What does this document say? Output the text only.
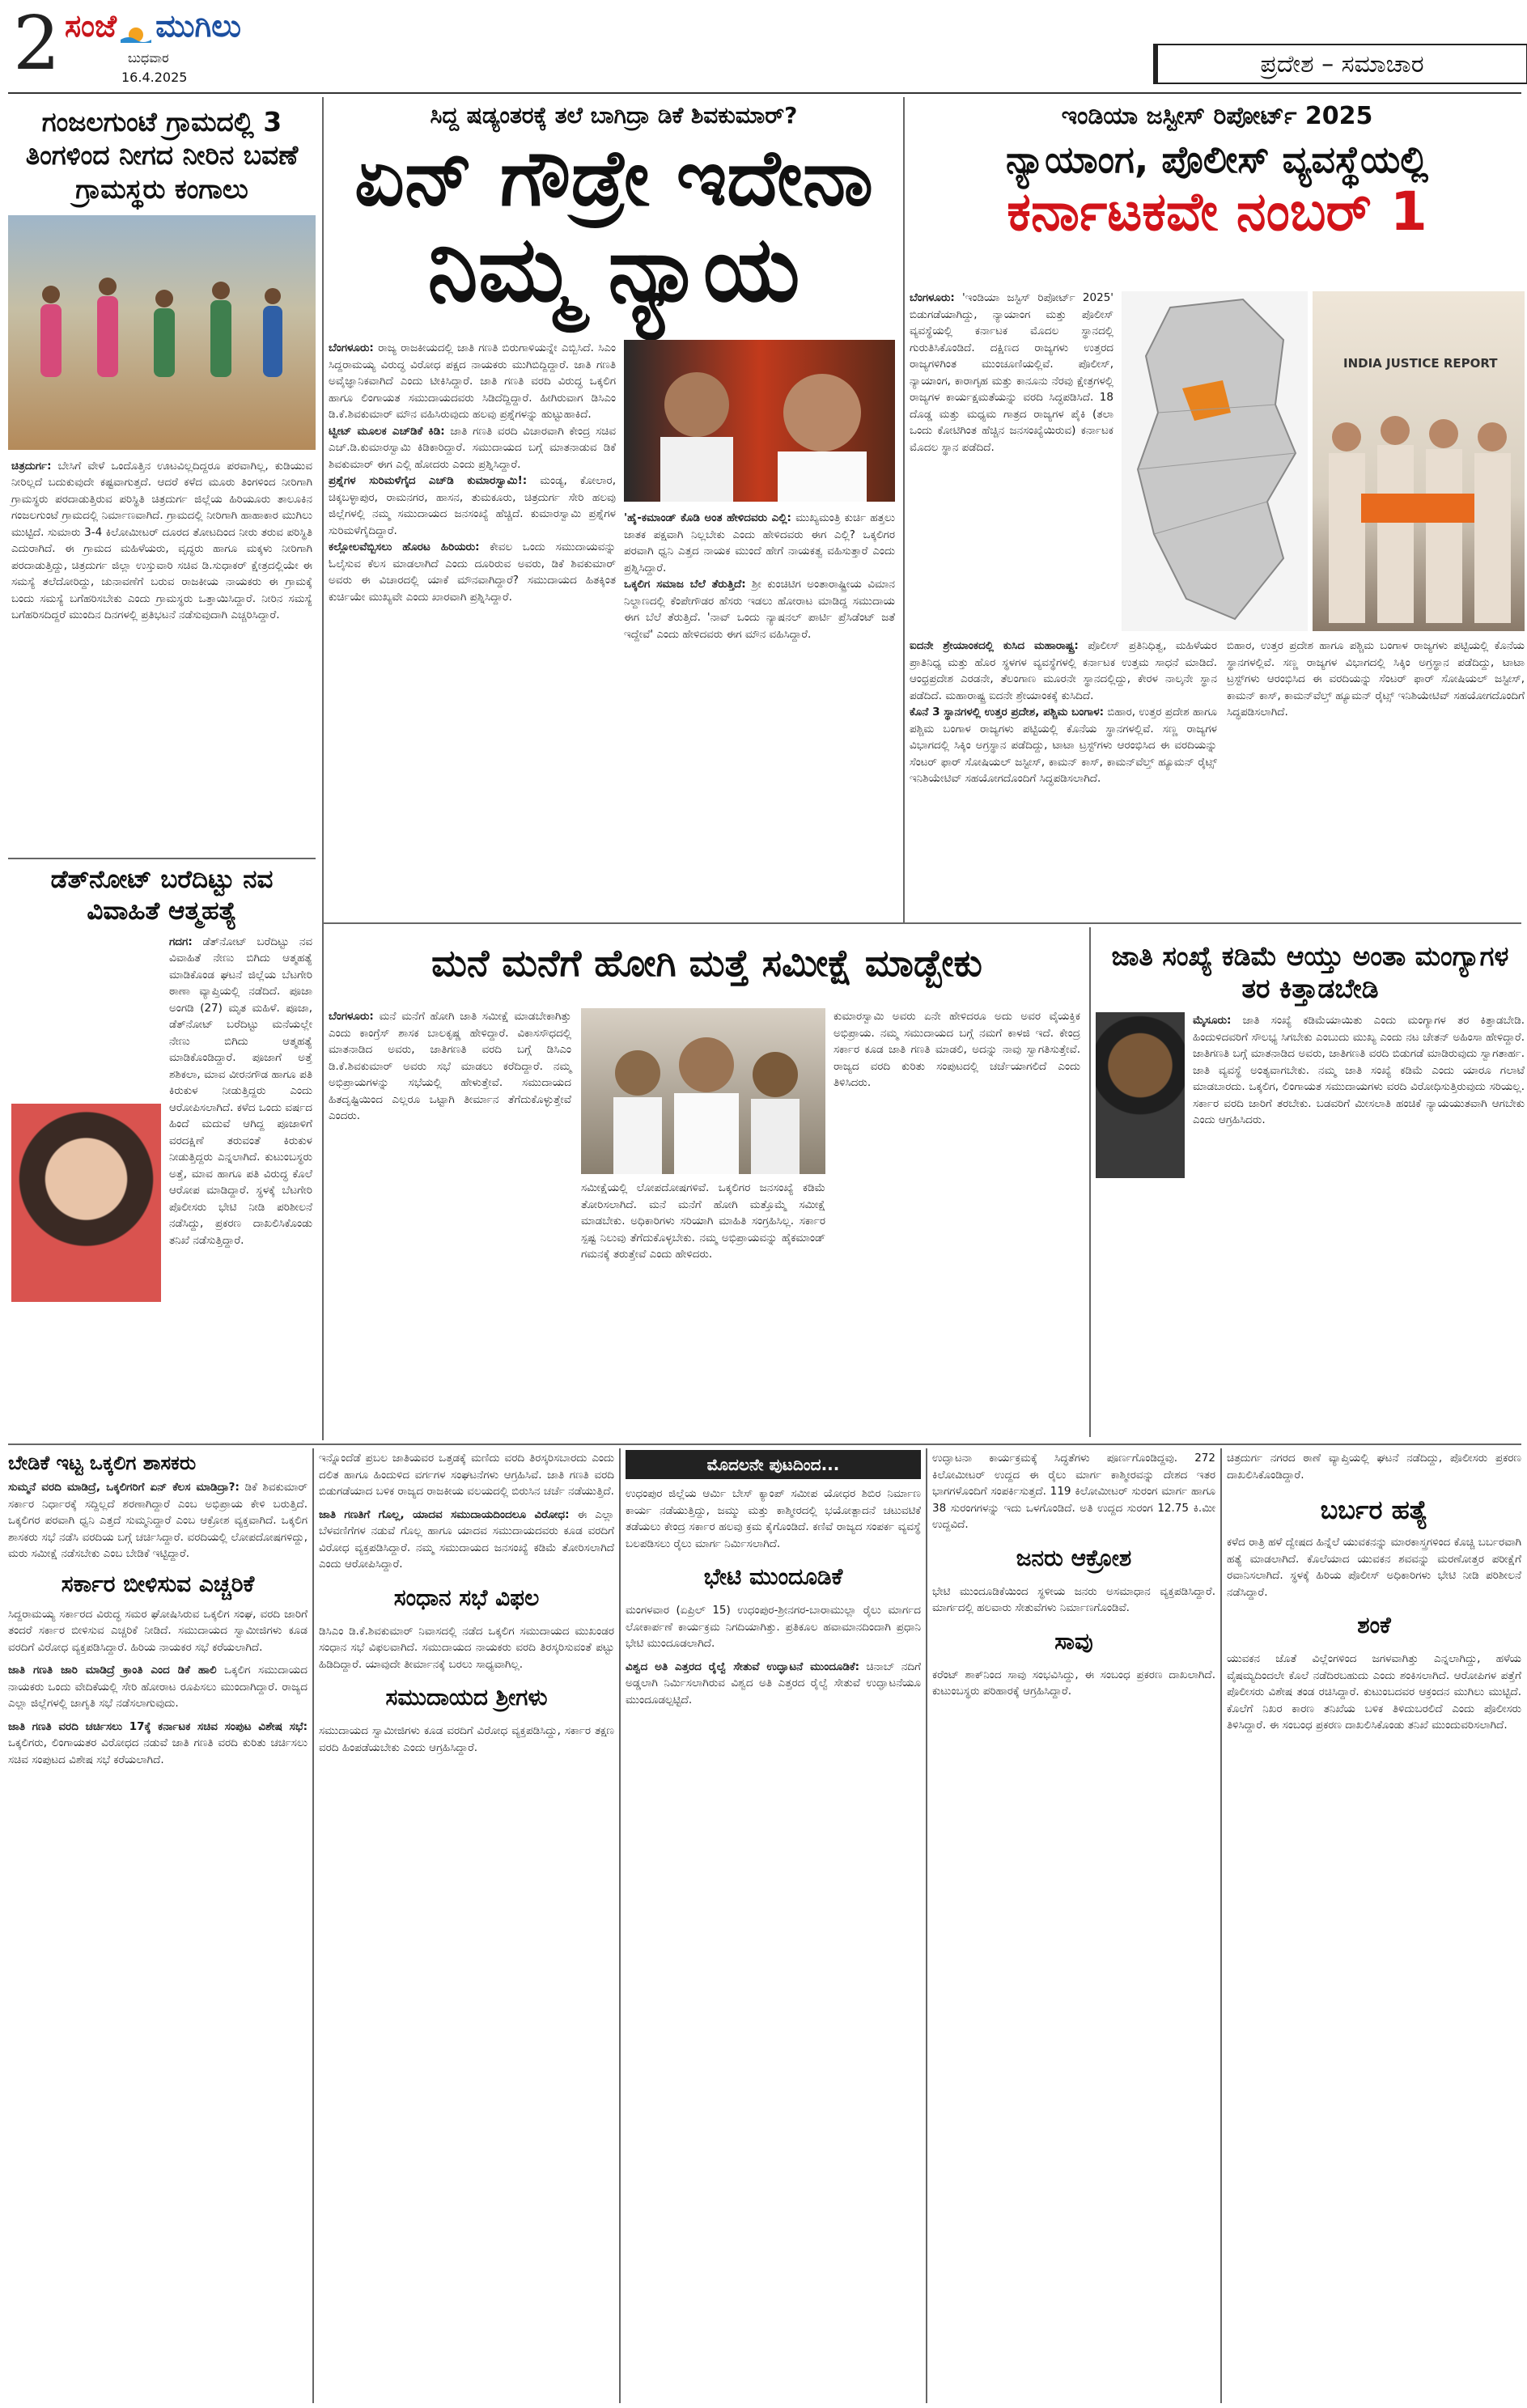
2 ಸಂಜೆ ಮುಗಿಲು
ಬುಧವಾರ
16.4.2025	ಪ್ರದೇಶ – ಸಮಾಚಾರ
ಗಂಜಲಗುಂಟೆ ಗ್ರಾಮದಲ್ಲಿ 3 ತಿಂಗಳಿಂದ ನೀಗದ ನೀರಿನ ಬವಣೆ ಗ್ರಾಮಸ್ಥರು ಕಂಗಾಲು
ಚಿತ್ರದುರ್ಗ: ಬೇಸಿಗೆ ವೇಳೆ ಒಂದೊತ್ತಿನ ಊಟವಿಲ್ಲದಿದ್ದರೂ ಪರವಾಗಿಲ್ಲ, ಕುಡಿಯುವ ನೀರಿಲ್ಲದೆ ಬದುಕುವುದೇ ಕಷ್ಟವಾಗುತ್ತದೆ. ಆದರೆ ಕಳೆದ ಮೂರು ತಿಂಗಳಿಂದ ನೀರಿಗಾಗಿ ಗ್ರಾಮಸ್ಥರು ಪರದಾಡುತ್ತಿರುವ ಪರಿಸ್ಥಿತಿ ಚಿತ್ರದುರ್ಗ ಜಿಲ್ಲೆಯ ಹಿರಿಯೂರು ತಾಲೂಕಿನ ಗಂಜಲಗುಂಟೆ ಗ್ರಾಮದಲ್ಲಿ ನಿರ್ಮಾಣವಾಗಿದೆ. ಗ್ರಾಮದಲ್ಲಿ ನೀರಿಗಾಗಿ ಹಾಹಾಕಾರ ಮುಗಿಲು ಮುಟ್ಟಿದೆ. ಸುಮಾರು 3-4 ಕಿಲೋಮೀಟರ್ ದೂರದ ತೋಟದಿಂದ ನೀರು ತರುವ ಪರಿಸ್ಥಿತಿ ಎದುರಾಗಿದೆ. ಈ ಗ್ರಾಮದ ಮಹಿಳೆಯರು, ವೃದ್ಧರು ಹಾಗೂ ಮಕ್ಕಳು ನೀರಿಗಾಗಿ ಪರದಾಡುತ್ತಿದ್ದು, ಚಿತ್ರದುರ್ಗ ಜಿಲ್ಲಾ ಉಸ್ತುವಾರಿ ಸಚಿವ ಡಿ.ಸುಧಾಕರ್ ಕ್ಷೇತ್ರದಲ್ಲಿಯೇ ಈ ಸಮಸ್ಯೆ ತಲೆದೋರಿದ್ದು, ಚುನಾವಣೆಗೆ ಬರುವ ರಾಜಕೀಯ ನಾಯಕರು ಈ ಗ್ರಾಮಕ್ಕೆ ಬಂದು ಸಮಸ್ಯೆ ಬಗೆಹರಿಸಬೇಕು ಎಂದು ಗ್ರಾಮಸ್ಥರು ಒತ್ತಾಯಿಸಿದ್ದಾರೆ. ನೀರಿನ ಸಮಸ್ಯೆ ಬಗೆಹರಿಸದಿದ್ದರೆ ಮುಂದಿನ ದಿನಗಳಲ್ಲಿ ಪ್ರತಿಭಟನೆ ನಡೆಸುವುದಾಗಿ ಎಚ್ಚರಿಸಿದ್ದಾರೆ.
ಡೆತ್‌ನೋಟ್ ಬರೆದಿಟ್ಟು ನವ ವಿವಾಹಿತೆ ಆತ್ಮಹತ್ಯೆ
ಗದಗ: ಡೆತ್‌ನೋಟ್ ಬರೆದಿಟ್ಟು ನವ ವಿವಾಹಿತೆ ನೇಣು ಬಿಗಿದು ಆತ್ಮಹತ್ಯೆ ಮಾಡಿಕೊಂಡ ಘಟನೆ ಜಿಲ್ಲೆಯ ಬೆಟಗೇರಿ ಠಾಣಾ ವ್ಯಾಪ್ತಿಯಲ್ಲಿ ನಡೆದಿದೆ. ಪೂಜಾ ಅಂಗಡಿ (27) ಮೃತ ಮಹಿಳೆ. ಪೂಜಾ, ಡೆತ್‌ನೋಟ್ ಬರೆದಿಟ್ಟು ಮನೆಯಲ್ಲೇ ನೇಣು ಬಿಗಿದು ಆತ್ಮಹತ್ಯೆ ಮಾಡಿಕೊಂಡಿದ್ದಾರೆ. ಪೂಜಾಗೆ ಅತ್ತೆ ಶಶಿಕಲಾ, ಮಾವ ವೀರನಗೌಡ ಹಾಗೂ ಪತಿ ಕಿರುಕುಳ ನೀಡುತ್ತಿದ್ದರು ಎಂದು ಆರೋಪಿಸಲಾಗಿದೆ. ಕಳೆದ ಒಂದು ವರ್ಷದ ಹಿಂದೆ ಮದುವೆ ಆಗಿದ್ದ ಪೂಜಾಳಿಗೆ ವರದಕ್ಷಿಣೆ ತರುವಂತೆ ಕಿರುಕುಳ ನೀಡುತ್ತಿದ್ದರು ಎನ್ನಲಾಗಿದೆ. ಕುಟುಂಬಸ್ಥರು ಅತ್ತೆ, ಮಾವ ಹಾಗೂ ಪತಿ ವಿರುದ್ಧ ಕೊಲೆ ಆರೋಪ ಮಾಡಿದ್ದಾರೆ. ಸ್ಥಳಕ್ಕೆ ಬೆಟಗೇರಿ ಪೊಲೀಸರು ಭೇಟಿ ನೀಡಿ ಪರಿಶೀಲನೆ ನಡೆಸಿದ್ದು, ಪ್ರಕರಣ ದಾಖಲಿಸಿಕೊಂಡು ತನಿಖೆ ನಡೆಸುತ್ತಿದ್ದಾರೆ.
ಸಿದ್ದ ಷಡ್ಯಂತರಕ್ಕೆ ತಲೆ ಬಾಗಿದ್ರಾ ಡಿಕೆ ಶಿವಕುಮಾರ್?
ಏನ್ ಗೌಡ್ರೇ ಇದೇನಾ
ನಿಮ್ಮ ನ್ಯಾಯ
ಬೆಂಗಳೂರು: ರಾಜ್ಯ ರಾಜಕೀಯದಲ್ಲಿ ಜಾತಿ ಗಣತಿ ಬಿರುಗಾಳಿಯನ್ನೇ ಎಬ್ಬಿಸಿದೆ. ಸಿಎಂ ಸಿದ್ದರಾಮಯ್ಯ ವಿರುದ್ಧ ವಿರೋಧ ಪಕ್ಷದ ನಾಯಕರು ಮುಗಿಬಿದ್ದಿದ್ದಾರೆ. ಜಾತಿ ಗಣತಿ ಅವೈಜ್ಞಾನಿಕವಾಗಿದೆ ಎಂದು ಟೀಕಿಸಿದ್ದಾರೆ. ಜಾತಿ ಗಣತಿ ವರದಿ ವಿರುದ್ಧ ಒಕ್ಕಲಿಗ ಹಾಗೂ ಲಿಂಗಾಯತ ಸಮುದಾಯದವರು ಸಿಡಿದೆದ್ದಿದ್ದಾರೆ. ಹೀಗಿರುವಾಗ ಡಿಸಿಎಂ ಡಿ.ಕೆ.ಶಿವಕುಮಾರ್ ಮೌನ ವಹಿಸಿರುವುದು ಹಲವು ಪ್ರಶ್ನೆಗಳನ್ನು ಹುಟ್ಟುಹಾಕಿದೆ.
ಟ್ವೀಟ್ ಮೂಲಕ ಎಚ್‌ಡಿಕೆ ಕಿಡಿ: ಜಾತಿ ಗಣತಿ ವರದಿ ವಿಚಾರವಾಗಿ ಕೇಂದ್ರ ಸಚಿವ ಎಚ್.ಡಿ.ಕುಮಾರಸ್ವಾಮಿ ಕಿಡಿಕಾರಿದ್ದಾರೆ. ಸಮುದಾಯದ ಬಗ್ಗೆ ಮಾತನಾಡುವ ಡಿಕೆ ಶಿವಕುಮಾರ್ ಈಗ ಎಲ್ಲಿ ಹೋದರು ಎಂದು ಪ್ರಶ್ನಿಸಿದ್ದಾರೆ.
ಪ್ರಶ್ನೆಗಳ ಸುರಿಮಳೆಗೈದ ಎಚ್‌ಡಿ ಕುಮಾರಸ್ವಾಮಿ!: ಮಂಡ್ಯ, ಕೋಲಾರ, ಚಿಕ್ಕಬಳ್ಳಾಪುರ, ರಾಮನಗರ, ಹಾಸನ, ತುಮಕೂರು, ಚಿತ್ರದುರ್ಗ ಸೇರಿ ಹಲವು ಜಿಲ್ಲೆಗಳಲ್ಲಿ ನಮ್ಮ ಸಮುದಾಯದ ಜನಸಂಖ್ಯೆ ಹೆಚ್ಚಿದೆ. ಕುಮಾರಸ್ವಾಮಿ ಪ್ರಶ್ನೆಗಳ ಸುರಿಮಳೆಗೈದಿದ್ದಾರೆ.
ಕಲ್ಲೋಲವೆಬ್ಬಿಸಲು ಹೊರಟ ಹಿರಿಯರು: ಕೇವಲ ಒಂದು ಸಮುದಾಯವನ್ನು ಓಲೈಸುವ ಕೆಲಸ ಮಾಡಲಾಗಿದೆ ಎಂದು ದೂರಿರುವ ಅವರು, ಡಿಕೆ ಶಿವಕುಮಾರ್ ಅವರು ಈ ವಿಚಾರದಲ್ಲಿ ಯಾಕೆ ಮೌನವಾಗಿದ್ದಾರೆ? ಸಮುದಾಯದ ಹಿತಕ್ಕಿಂತ ಕುರ್ಚಿಯೇ ಮುಖ್ಯವೇ ಎಂದು ಖಾರವಾಗಿ ಪ್ರಶ್ನಿಸಿದ್ದಾರೆ.
'ಹೈ-ಕಮಾಂಡ್ ಕೊಡಿ ಅಂತ ಹೇಳಿದವರು ಎಲ್ಲಿ: ಮುಖ್ಯಮಂತ್ರಿ ಕುರ್ಚಿ ಹತ್ತಲು ಜಾತಕ ಪಕ್ಷವಾಗಿ ನಿಲ್ಲಬೇಕು ಎಂದು ಹೇಳಿದವರು ಈಗ ಎಲ್ಲಿ? ಒಕ್ಕಲಿಗರ ಪರವಾಗಿ ಧ್ವನಿ ಎತ್ತದ ನಾಯಕ ಮುಂದೆ ಹೇಗೆ ನಾಯಕತ್ವ ವಹಿಸುತ್ತಾರೆ ಎಂದು ಪ್ರಶ್ನಿಸಿದ್ದಾರೆ.
ಒಕ್ಕಲಿಗ ಸಮಾಜ ಬೆಲೆ ತೆರುತ್ತಿದೆ: ಶ್ರೀ ಕುಂಚಿಟಿಗ ಅಂತಾರಾಷ್ಟ್ರೀಯ ವಿಮಾನ ನಿಲ್ದಾಣದಲ್ಲಿ ಕೆಂಪೇಗೌಡರ ಹೆಸರು ಇಡಲು ಹೋರಾಟ ಮಾಡಿದ್ದ ಸಮುದಾಯ ಈಗ ಬೆಲೆ ತೆರುತ್ತಿದೆ. 'ನಾವ್ ಒಂದು ನ್ಯಾಷನಲ್ ಪಾರ್ಟಿ ಪ್ರೆಸಿಡೆಂಟ್ ಜತೆ ಇದ್ದೇವೆ' ಎಂದು ಹೇಳಿದವರು ಈಗ ಮೌನ ವಹಿಸಿದ್ದಾರೆ.
ಇಂಡಿಯಾ ಜಸ್ಟೀಸ್ ರಿಪೋರ್ಟ್ 2025
ನ್ಯಾಯಾಂಗ, ಪೊಲೀಸ್ ವ್ಯವಸ್ಥೆಯಲ್ಲಿ
ಕರ್ನಾಟಕವೇ ನಂಬರ್ 1
ಬೆಂಗಳೂರು: 'ಇಂಡಿಯಾ ಜಸ್ಟಿಸ್ ರಿಪೋರ್ಟ್ 2025' ಬಿಡುಗಡೆಯಾಗಿದ್ದು, ನ್ಯಾಯಾಂಗ ಮತ್ತು ಪೊಲೀಸ್ ವ್ಯವಸ್ಥೆಯಲ್ಲಿ ಕರ್ನಾಟಕ ಮೊದಲ ಸ್ಥಾನದಲ್ಲಿ ಗುರುತಿಸಿಕೊಂಡಿದೆ. ದಕ್ಷಿಣದ ರಾಜ್ಯಗಳು ಉತ್ತರದ ರಾಜ್ಯಗಳಿಗಿಂತ ಮುಂಚೂಣಿಯಲ್ಲಿವೆ. ಪೊಲೀಸ್, ನ್ಯಾಯಾಂಗ, ಕಾರಾಗೃಹ ಮತ್ತು ಕಾನೂನು ನೆರವು ಕ್ಷೇತ್ರಗಳಲ್ಲಿ ರಾಜ್ಯಗಳ ಕಾರ್ಯಕ್ಷಮತೆಯನ್ನು ವರದಿ ಸಿದ್ಧಪಡಿಸಿದೆ. 18 ದೊಡ್ಡ ಮತ್ತು ಮಧ್ಯಮ ಗಾತ್ರದ ರಾಜ್ಯಗಳ ಪೈಕಿ (ತಲಾ ಒಂದು ಕೋಟಿಗಿಂತ ಹೆಚ್ಚಿನ ಜನಸಂಖ್ಯೆಯಿರುವ) ಕರ್ನಾಟಕ ಮೊದಲ ಸ್ಥಾನ ಪಡೆದಿದೆ.
INDIA JUSTICE REPORT
ಐದನೇ ಶ್ರೇಯಾಂಕದಲ್ಲಿ ಕುಸಿದ ಮಹಾರಾಷ್ಟ್ರ: ಪೊಲೀಸ್ ಪ್ರತಿನಿಧಿತ್ವ, ಮಹಿಳೆಯರ ಪ್ರಾತಿನಿಧ್ಯ ಮತ್ತು ಹೊರ ಸ್ಥಳಗಳ ವ್ಯವಸ್ಥೆಗಳಲ್ಲಿ ಕರ್ನಾಟಕ ಉತ್ತಮ ಸಾಧನೆ ಮಾಡಿದೆ. ಆಂಧ್ರಪ್ರದೇಶ ಎರಡನೇ, ತೆಲಂಗಾಣ ಮೂರನೇ ಸ್ಥಾನದಲ್ಲಿದ್ದು, ಕೇರಳ ನಾಲ್ಕನೇ ಸ್ಥಾನ ಪಡೆದಿದೆ. ಮಹಾರಾಷ್ಟ್ರ ಐದನೇ ಶ್ರೇಯಾಂಕಕ್ಕೆ ಕುಸಿದಿದೆ.
ಕೊನೆ 3 ಸ್ಥಾನಗಳಲ್ಲಿ ಉತ್ತರ ಪ್ರದೇಶ, ಪಶ್ಚಿಮ ಬಂಗಾಳ: ಬಿಹಾರ, ಉತ್ತರ ಪ್ರದೇಶ ಹಾಗೂ ಪಶ್ಚಿಮ ಬಂಗಾಳ ರಾಜ್ಯಗಳು ಪಟ್ಟಿಯಲ್ಲಿ ಕೊನೆಯ ಸ್ಥಾನಗಳಲ್ಲಿವೆ. ಸಣ್ಣ ರಾಜ್ಯಗಳ ವಿಭಾಗದಲ್ಲಿ ಸಿಕ್ಕಿಂ ಅಗ್ರಸ್ಥಾನ ಪಡೆದಿದ್ದು, ಟಾಟಾ ಟ್ರಸ್ಟ್‌ಗಳು ಆರಂಭಿಸಿದ ಈ ವರದಿಯನ್ನು ಸೆಂಟರ್ ಫಾರ್ ಸೋಷಿಯಲ್ ಜಸ್ಟೀಸ್, ಕಾಮನ್ ಕಾಸ್, ಕಾಮನ್‌ವೆಲ್ತ್ ಹ್ಯೂಮನ್ ರೈಟ್ಸ್ ಇನಿಶಿಯೇಟಿವ್ ಸಹಯೋಗದೊಂದಿಗೆ ಸಿದ್ಧಪಡಿಸಲಾಗಿದೆ.
ಬಿಹಾರ, ಉತ್ತರ ಪ್ರದೇಶ ಹಾಗೂ ಪಶ್ಚಿಮ ಬಂಗಾಳ ರಾಜ್ಯಗಳು ಪಟ್ಟಿಯಲ್ಲಿ ಕೊನೆಯ ಸ್ಥಾನಗಳಲ್ಲಿವೆ. ಸಣ್ಣ ರಾಜ್ಯಗಳ ವಿಭಾಗದಲ್ಲಿ ಸಿಕ್ಕಿಂ ಅಗ್ರಸ್ಥಾನ ಪಡೆದಿದ್ದು, ಟಾಟಾ ಟ್ರಸ್ಟ್‌ಗಳು ಆರಂಭಿಸಿದ ಈ ವರದಿಯನ್ನು ಸೆಂಟರ್ ಫಾರ್ ಸೋಷಿಯಲ್ ಜಸ್ಟೀಸ್, ಕಾಮನ್ ಕಾಸ್, ಕಾಮನ್‌ವೆಲ್ತ್ ಹ್ಯೂಮನ್ ರೈಟ್ಸ್ ಇನಿಶಿಯೇಟಿವ್ ಸಹಯೋಗದೊಂದಿಗೆ ಸಿದ್ಧಪಡಿಸಲಾಗಿದೆ.
ಮನೆ ಮನೆಗೆ ಹೋಗಿ ಮತ್ತೆ ಸಮೀಕ್ಷೆ ಮಾಡ್ಬೇಕು
ಬೆಂಗಳೂರು: ಮನೆ ಮನೆಗೆ ಹೋಗಿ ಜಾತಿ ಸಮೀಕ್ಷೆ ಮಾಡಬೇಕಾಗಿತ್ತು ಎಂದು ಕಾಂಗ್ರೆಸ್ ಶಾಸಕ ಬಾಲಕೃಷ್ಣ ಹೇಳಿದ್ದಾರೆ. ವಿಕಾಸಸೌಧದಲ್ಲಿ ಮಾತನಾಡಿದ ಅವರು, ಜಾತಿಗಣತಿ ವರದಿ ಬಗ್ಗೆ ಡಿಸಿಎಂ ಡಿ.ಕೆ.ಶಿವಕುಮಾರ್ ಅವರು ಸಭೆ ಮಾಡಲು ಕರೆದಿದ್ದಾರೆ. ನಮ್ಮ ಅಭಿಪ್ರಾಯಗಳನ್ನು ಸಭೆಯಲ್ಲಿ ಹೇಳುತ್ತೇವೆ. ಸಮುದಾಯದ ಹಿತದೃಷ್ಟಿಯಿಂದ ಎಲ್ಲರೂ ಒಟ್ಟಾಗಿ ತೀರ್ಮಾನ ತೆಗೆದುಕೊಳ್ಳುತ್ತೇವೆ ಎಂದರು.
ಸಮೀಕ್ಷೆಯಲ್ಲಿ ಲೋಪದೋಷಗಳಿವೆ. ಒಕ್ಕಲಿಗರ ಜನಸಂಖ್ಯೆ ಕಡಿಮೆ ತೋರಿಸಲಾಗಿದೆ. ಮನೆ ಮನೆಗೆ ಹೋಗಿ ಮತ್ತೊಮ್ಮೆ ಸಮೀಕ್ಷೆ ಮಾಡಬೇಕು. ಅಧಿಕಾರಿಗಳು ಸರಿಯಾಗಿ ಮಾಹಿತಿ ಸಂಗ್ರಹಿಸಿಲ್ಲ. ಸರ್ಕಾರ ಸ್ಪಷ್ಟ ನಿಲುವು ತೆಗೆದುಕೊಳ್ಳಬೇಕು. ನಮ್ಮ ಅಭಿಪ್ರಾಯವನ್ನು ಹೈಕಮಾಂಡ್ ಗಮನಕ್ಕೆ ತರುತ್ತೇವೆ ಎಂದು ಹೇಳಿದರು.
ಕುಮಾರಸ್ವಾಮಿ ಅವರು ಏನೇ ಹೇಳಿದರೂ ಅದು ಅವರ ವೈಯಕ್ತಿಕ ಅಭಿಪ್ರಾಯ. ನಮ್ಮ ಸಮುದಾಯದ ಬಗ್ಗೆ ನಮಗೆ ಕಾಳಜಿ ಇದೆ. ಕೇಂದ್ರ ಸರ್ಕಾರ ಕೂಡ ಜಾತಿ ಗಣತಿ ಮಾಡಲಿ, ಅದನ್ನು ನಾವು ಸ್ವಾಗತಿಸುತ್ತೇವೆ. ರಾಜ್ಯದ ವರದಿ ಕುರಿತು ಸಂಪುಟದಲ್ಲಿ ಚರ್ಚೆಯಾಗಲಿದೆ ಎಂದು ತಿಳಿಸಿದರು.
ಜಾತಿ ಸಂಖ್ಯೆ ಕಡಿಮೆ ಆಯ್ತು ಅಂತಾ ಮಂಗ್ಯಾಗಳ ತರ ಕಿತ್ತಾಡಬೇಡಿ
ಮೈಸೂರು: ಜಾತಿ ಸಂಖ್ಯೆ ಕಡಿಮೆಯಾಯಿತು ಎಂದು ಮಂಗ್ಯಾಗಳ ತರ ಕಿತ್ತಾಡಬೇಡಿ. ಹಿಂದುಳಿದವರಿಗೆ ಸೌಲಭ್ಯ ಸಿಗಬೇಕು ಎಂಬುದು ಮುಖ್ಯ ಎಂದು ನಟ ಚೇತನ್ ಅಹಿಂಸಾ ಹೇಳಿದ್ದಾರೆ. ಜಾತಿಗಣತಿ ಬಗ್ಗೆ ಮಾತನಾಡಿದ ಅವರು, ಜಾತಿಗಣತಿ ವರದಿ ಬಿಡುಗಡೆ ಮಾಡಿರುವುದು ಸ್ವಾಗತಾರ್ಹ. ಜಾತಿ ವ್ಯವಸ್ಥೆ ಅಂತ್ಯವಾಗಬೇಕು. ನಮ್ಮ ಜಾತಿ ಸಂಖ್ಯೆ ಕಡಿಮೆ ಎಂದು ಯಾರೂ ಗಲಾಟೆ ಮಾಡಬಾರದು. ಒಕ್ಕಲಿಗ, ಲಿಂಗಾಯತ ಸಮುದಾಯಗಳು ವರದಿ ವಿರೋಧಿಸುತ್ತಿರುವುದು ಸರಿಯಲ್ಲ. ಸರ್ಕಾರ ವರದಿ ಜಾರಿಗೆ ತರಬೇಕು. ಬಡವರಿಗೆ ಮೀಸಲಾತಿ ಹಂಚಿಕೆ ನ್ಯಾಯಯುತವಾಗಿ ಆಗಬೇಕು ಎಂದು ಆಗ್ರಹಿಸಿದರು.
ಬೇಡಿಕೆ ಇಟ್ಟ ಒಕ್ಕಲಿಗ ಶಾಸಕರು
ಸುಮ್ಮನೆ ವರದಿ ಮಾಡಿದ್ರೆ, ಒಕ್ಕಲಿಗರಿಗೆ ಏನ್ ಕೆಲಸ ಮಾಡಿದ್ರಾ?: ಡಿಕೆ ಶಿವಕುಮಾರ್ ಸರ್ಕಾರ ನಿರ್ಧಾರಕ್ಕೆ ಸದ್ದಿಲ್ಲದೆ ಶರಣಾಗಿದ್ದಾರೆ ಎಂಬ ಅಭಿಪ್ರಾಯ ಕೇಳಿ ಬರುತ್ತಿದೆ. ಒಕ್ಕಲಿಗರ ಪರವಾಗಿ ಧ್ವನಿ ಎತ್ತದೆ ಸುಮ್ಮನಿದ್ದಾರೆ ಎಂಬ ಆಕ್ರೋಶ ವ್ಯಕ್ತವಾಗಿದೆ. ಒಕ್ಕಲಿಗ ಶಾಸಕರು ಸಭೆ ನಡೆಸಿ ವರದಿಯ ಬಗ್ಗೆ ಚರ್ಚಿಸಿದ್ದಾರೆ. ವರದಿಯಲ್ಲಿ ಲೋಪದೋಷಗಳಿದ್ದು, ಮರು ಸಮೀಕ್ಷೆ ನಡೆಸಬೇಕು ಎಂಬ ಬೇಡಿಕೆ ಇಟ್ಟಿದ್ದಾರೆ.
ಸರ್ಕಾರ ಬೀಳಿಸುವ ಎಚ್ಚರಿಕೆ
ಸಿದ್ದರಾಮಯ್ಯ ಸರ್ಕಾರದ ವಿರುದ್ಧ ಸಮರ ಘೋಷಿಸಿರುವ ಒಕ್ಕಲಿಗ ಸಂಘ, ವರದಿ ಜಾರಿಗೆ ತಂದರೆ ಸರ್ಕಾರ ಬೀಳಿಸುವ ಎಚ್ಚರಿಕೆ ನೀಡಿದೆ. ಸಮುದಾಯದ ಸ್ವಾಮೀಜಿಗಳು ಕೂಡ ವರದಿಗೆ ವಿರೋಧ ವ್ಯಕ್ತಪಡಿಸಿದ್ದಾರೆ. ಹಿರಿಯ ನಾಯಕರ ಸಭೆ ಕರೆಯಲಾಗಿದೆ.
ಜಾತಿ ಗಣತಿ ಜಾರಿ ಮಾಡಿದ್ರೆ ಕ್ರಾಂತಿ ಎಂದ ಡಿಕೆ ಹಾಲಿ ಒಕ್ಕಲಿಗ ಸಮುದಾಯದ ನಾಯಕರು ಒಂದು ವೇದಿಕೆಯಲ್ಲಿ ಸೇರಿ ಹೋರಾಟ ರೂಪಿಸಲು ಮುಂದಾಗಿದ್ದಾರೆ. ರಾಜ್ಯದ ಎಲ್ಲಾ ಜಿಲ್ಲೆಗಳಲ್ಲಿ ಜಾಗೃತಿ ಸಭೆ ನಡೆಸಲಾಗುವುದು.
ಜಾತಿ ಗಣತಿ ವರದಿ ಚರ್ಚಿಸಲು 17ಕ್ಕೆ ಕರ್ನಾಟಕ ಸಚಿವ ಸಂಪುಟ ವಿಶೇಷ ಸಭೆ: ಒಕ್ಕಲಿಗರು, ಲಿಂಗಾಯತರ ವಿರೋಧದ ನಡುವೆ ಜಾತಿ ಗಣತಿ ವರದಿ ಕುರಿತು ಚರ್ಚಿಸಲು ಸಚಿವ ಸಂಪುಟದ ವಿಶೇಷ ಸಭೆ ಕರೆಯಲಾಗಿದೆ.
ಇನ್ನೊಂದೆಡೆ ಪ್ರಬಲ ಜಾತಿಯವರ ಒತ್ತಡಕ್ಕೆ ಮಣಿದು ವರದಿ ತಿರಸ್ಕರಿಸಬಾರದು ಎಂದು ದಲಿತ ಹಾಗೂ ಹಿಂದುಳಿದ ವರ್ಗಗಳ ಸಂಘಟನೆಗಳು ಆಗ್ರಹಿಸಿವೆ. ಜಾತಿ ಗಣತಿ ವರದಿ ಬಿಡುಗಡೆಯಾದ ಬಳಿಕ ರಾಜ್ಯದ ರಾಜಕೀಯ ವಲಯದಲ್ಲಿ ಬಿರುಸಿನ ಚರ್ಚೆ ನಡೆಯುತ್ತಿದೆ.
ಜಾತಿ ಗಣತಿಗೆ ಗೊಲ್ಲ, ಯಾದವ ಸಮುದಾಯದಿಂದಲೂ ವಿರೋಧ: ಈ ಎಲ್ಲಾ ಬೆಳವಣಿಗೆಗಳ ನಡುವೆ ಗೊಲ್ಲ ಹಾಗೂ ಯಾದವ ಸಮುದಾಯದವರು ಕೂಡ ವರದಿಗೆ ವಿರೋಧ ವ್ಯಕ್ತಪಡಿಸಿದ್ದಾರೆ. ನಮ್ಮ ಸಮುದಾಯದ ಜನಸಂಖ್ಯೆ ಕಡಿಮೆ ತೋರಿಸಲಾಗಿದೆ ಎಂದು ಆರೋಪಿಸಿದ್ದಾರೆ.
ಸಂಧಾನ ಸಭೆ ವಿಫಲ
ಡಿಸಿಎಂ ಡಿ.ಕೆ.ಶಿವಕುಮಾರ್ ನಿವಾಸದಲ್ಲಿ ನಡೆದ ಒಕ್ಕಲಿಗ ಸಮುದಾಯದ ಮುಖಂಡರ ಸಂಧಾನ ಸಭೆ ವಿಫಲವಾಗಿದೆ. ಸಮುದಾಯದ ನಾಯಕರು ವರದಿ ತಿರಸ್ಕರಿಸುವಂತೆ ಪಟ್ಟು ಹಿಡಿದಿದ್ದಾರೆ. ಯಾವುದೇ ತೀರ್ಮಾನಕ್ಕೆ ಬರಲು ಸಾಧ್ಯವಾಗಿಲ್ಲ.
ಸಮುದಾಯದ ಶ್ರೀಗಳು
ಸಮುದಾಯದ ಸ್ವಾಮೀಜಿಗಳು ಕೂಡ ವರದಿಗೆ ವಿರೋಧ ವ್ಯಕ್ತಪಡಿಸಿದ್ದು, ಸರ್ಕಾರ ತಕ್ಷಣ ವರದಿ ಹಿಂಪಡೆಯಬೇಕು ಎಂದು ಆಗ್ರಹಿಸಿದ್ದಾರೆ.
ಮೊದಲನೇ ಪುಟದಿಂದ...
ಉಧಂಪುರ ಜಿಲ್ಲೆಯ ಆರ್ಮಿ ಬೇಸ್ ಕ್ಯಾಂಪ್ ಸಮೀಪ ಯೋಧರ ಶಿಬಿರ ನಿರ್ಮಾಣ ಕಾರ್ಯ ನಡೆಯುತ್ತಿದ್ದು, ಜಮ್ಮು ಮತ್ತು ಕಾಶ್ಮೀರದಲ್ಲಿ ಭಯೋತ್ಪಾದನೆ ಚಟುವಟಿಕೆ ತಡೆಯಲು ಕೇಂದ್ರ ಸರ್ಕಾರ ಹಲವು ಕ್ರಮ ಕೈಗೊಂಡಿದೆ. ಕಣಿವೆ ರಾಜ್ಯದ ಸಂಪರ್ಕ ವ್ಯವಸ್ಥೆ ಬಲಪಡಿಸಲು ರೈಲು ಮಾರ್ಗ ನಿರ್ಮಿಸಲಾಗಿದೆ.
ಭೇಟಿ ಮುಂದೂಡಿಕೆ
ಮಂಗಳವಾರ (ಏಪ್ರಿಲ್ 15) ಉಧಂಪುರ-ಶ್ರೀನಗರ-ಬಾರಾಮುಲ್ಲಾ ರೈಲು ಮಾರ್ಗದ ಲೋಕಾರ್ಪಣೆ ಕಾರ್ಯಕ್ರಮ ನಿಗದಿಯಾಗಿತ್ತು. ಪ್ರತಿಕೂಲ ಹವಾಮಾನದಿಂದಾಗಿ ಪ್ರಧಾನಿ ಭೇಟಿ ಮುಂದೂಡಲಾಗಿದೆ.
ವಿಶ್ವದ ಅತಿ ಎತ್ತರದ ರೈಲ್ವೆ ಸೇತುವೆ ಉದ್ಘಾಟನೆ ಮುಂದೂಡಿಕೆ: ಚಿನಾಬ್ ನದಿಗೆ ಅಡ್ಡಲಾಗಿ ನಿರ್ಮಿಸಲಾಗಿರುವ ವಿಶ್ವದ ಅತಿ ಎತ್ತರದ ರೈಲ್ವೆ ಸೇತುವೆ ಉದ್ಘಾಟನೆಯೂ ಮುಂದೂಡಲ್ಪಟ್ಟಿದೆ.
ಉದ್ಘಾಟನಾ ಕಾರ್ಯಕ್ರಮಕ್ಕೆ ಸಿದ್ಧತೆಗಳು ಪೂರ್ಣಗೊಂಡಿದ್ದವು. 272 ಕಿಲೋಮೀಟರ್ ಉದ್ದದ ಈ ರೈಲು ಮಾರ್ಗ ಕಾಶ್ಮೀರವನ್ನು ದೇಶದ ಇತರ ಭಾಗಗಳೊಂದಿಗೆ ಸಂಪರ್ಕಿಸುತ್ತದೆ. 119 ಕಿಲೋಮೀಟರ್ ಸುರಂಗ ಮಾರ್ಗ ಹಾಗೂ 38 ಸುರಂಗಗಳನ್ನು ಇದು ಒಳಗೊಂಡಿದೆ. ಅತಿ ಉದ್ದದ ಸುರಂಗ 12.75 ಕಿ.ಮೀ ಉದ್ದವಿದೆ.
ಜನರು ಆಕ್ರೋಶ
ಭೇಟಿ ಮುಂದೂಡಿಕೆಯಿಂದ ಸ್ಥಳೀಯ ಜನರು ಅಸಮಾಧಾನ ವ್ಯಕ್ತಪಡಿಸಿದ್ದಾರೆ. ಮಾರ್ಗದಲ್ಲಿ ಹಲವಾರು ಸೇತುವೆಗಳು ನಿರ್ಮಾಣಗೊಂಡಿವೆ.
ಸಾವು
ಕರೆಂಟ್ ಶಾಕ್‌ನಿಂದ ಸಾವು ಸಂಭವಿಸಿದ್ದು, ಈ ಸಂಬಂಧ ಪ್ರಕರಣ ದಾಖಲಾಗಿದೆ. ಕುಟುಂಬಸ್ಥರು ಪರಿಹಾರಕ್ಕೆ ಆಗ್ರಹಿಸಿದ್ದಾರೆ.
ಚಿತ್ರದುರ್ಗ ನಗರದ ಠಾಣೆ ವ್ಯಾಪ್ತಿಯಲ್ಲಿ ಘಟನೆ ನಡೆದಿದ್ದು, ಪೊಲೀಸರು ಪ್ರಕರಣ ದಾಖಲಿಸಿಕೊಂಡಿದ್ದಾರೆ.
ಬರ್ಬರ ಹತ್ಯೆ
ಕಳೆದ ರಾತ್ರಿ ಹಳೆ ದ್ವೇಷದ ಹಿನ್ನೆಲೆ ಯುವಕನನ್ನು ಮಾರಕಾಸ್ತ್ರಗಳಿಂದ ಕೊಚ್ಚಿ ಬರ್ಬರವಾಗಿ ಹತ್ಯೆ ಮಾಡಲಾಗಿದೆ. ಕೊಲೆಯಾದ ಯುವಕನ ಶವವನ್ನು ಮರಣೋತ್ತರ ಪರೀಕ್ಷೆಗೆ ರವಾನಿಸಲಾಗಿದೆ. ಸ್ಥಳಕ್ಕೆ ಹಿರಿಯ ಪೊಲೀಸ್ ಅಧಿಕಾರಿಗಳು ಭೇಟಿ ನೀಡಿ ಪರಿಶೀಲನೆ ನಡೆಸಿದ್ದಾರೆ.
ಶಂಕೆ
ಯುವಕನ ಜೊತೆ ವಿಲ್ಲೆಂಗಳಿಂದ ಜಗಳವಾಗಿತ್ತು ಎನ್ನಲಾಗಿದ್ದು, ಹಳೆಯ ವೈಷಮ್ಯದಿಂದಲೇ ಕೊಲೆ ನಡೆದಿರಬಹುದು ಎಂದು ಶಂಕಿಸಲಾಗಿದೆ. ಆರೋಪಿಗಳ ಪತ್ತೆಗೆ ಪೊಲೀಸರು ವಿಶೇಷ ತಂಡ ರಚಿಸಿದ್ದಾರೆ. ಕುಟುಂಬದವರ ಆಕ್ರಂದನ ಮುಗಿಲು ಮುಟ್ಟಿದೆ. ಕೊಲೆಗೆ ನಿಖರ ಕಾರಣ ತನಿಖೆಯ ಬಳಿಕ ತಿಳಿದುಬರಲಿದೆ ಎಂದು ಪೊಲೀಸರು ತಿಳಿಸಿದ್ದಾರೆ. ಈ ಸಂಬಂಧ ಪ್ರಕರಣ ದಾಖಲಿಸಿಕೊಂಡು ತನಿಖೆ ಮುಂದುವರಿಸಲಾಗಿದೆ.
